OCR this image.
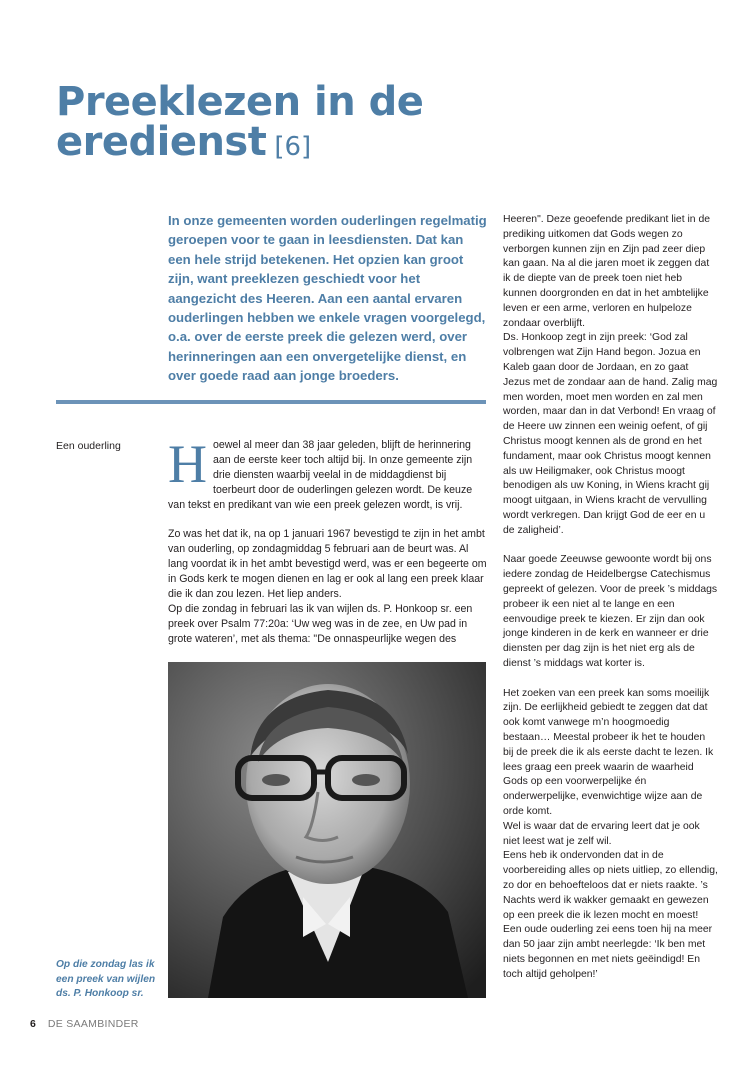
Preeklezen in de
eredienst [6]

In onze gemeenten worden ouderlingen regelmatig geroepen voor te gaan in leesdiensten. Dat kan een hele strijd betekenen. Het opzien kan groot zijn, want preeklezen geschiedt voor het aangezicht des Heeren. Aan een aantal ervaren ouderlingen hebben we enkele vragen voorgelegd, o.a. over de eerste preek die gelezen werd, over herinneringen aan een onvergetelijke dienst, en over goede raad aan jonge broeders.

Een ouderling Hoewel al meer dan 38 jaar geleden, blijft de herinnering aan de eerste keer toch altijd bij. In onze gemeente zijn drie diensten waarbij veelal in de middagdienst bij toerbeurt door de ouderlingen gelezen wordt. De keuze van tekst en predikant van wie een preek gelezen wordt, is vrij.

Zo was het dat ik, na op 1 januari 1967 bevestigd te zijn in het ambt van ouderling, op zondagmiddag 5 februari aan de beurt was. Al lang voordat ik in het ambt bevestigd werd, was er een begeerte om in Gods kerk te mogen dienen en lag er ook al lang een preek klaar die ik dan zou lezen. Het liep anders.

Op die zondag in februari las ik van wijlen ds. P. Honkoop sr. een preek over Psalm 77:20a: ‘Uw weg was in de zee, en Uw pad in grote wateren’, met als thema: "De onnaspeurlijke wegen des

Op die zondag las ik een preek van wijlen ds. P. Honkoop sr.

Heeren". Deze geoefende predikant liet in de prediking uitkomen dat Gods wegen zo verborgen kunnen zijn en Zijn pad zeer diep kan gaan. Na al die jaren moet ik zeggen dat ik de diepte van de preek toen niet heb kunnen doorgronden en dat in het ambtelijke leven er een arme, verloren en hulpeloze zondaar overblijft.

Ds. Honkoop zegt in zijn preek: ‘God zal volbrengen wat Zijn Hand begon. Jozua en Kaleb gaan door de Jordaan, en zo gaat Jezus met de zondaar aan de hand. Zalig mag men worden, moet men worden en zal men worden, maar dan in dat Verbond! En vraag of de Heere uw zinnen een weinig oefent, of gij Christus moogt kennen als de grond en het fundament, maar ook Christus moogt kennen als uw Heiligmaker, ook Christus moogt benodigen als uw Koning, in Wiens kracht gij moogt uitgaan, in Wiens kracht de vervulling wordt verkregen. Dan krijgt God de eer en u de zaligheid’.

Naar goede Zeeuwse gewoonte wordt bij ons iedere zondag de Heidelbergse Catechismus gepreekt of gelezen. Voor de preek ’s middags probeer ik een niet al te lange en een eenvoudige preek te kiezen. Er zijn dan ook jonge kinderen in de kerk en wanneer er drie diensten per dag zijn is het niet erg als de dienst ’s middags wat korter is.

Het zoeken van een preek kan soms moeilijk zijn. De eerlijkheid gebiedt te zeggen dat dat ook komt vanwege m’n hoogmoedig bestaan… Meestal probeer ik het te houden bij de preek die ik als eerste dacht te lezen. Ik lees graag een preek waarin de waarheid Gods op een voorwerpelijke én onderwerpelijke, evenwichtige wijze aan de orde komt.

Wel is waar dat de ervaring leert dat je ook niet leest wat je zelf wil.

Eens heb ik ondervonden dat in de voorbereiding alles op niets uitliep, zo ellendig, zo dor en behoefteloos dat er niets raakte. ’s Nachts werd ik wakker gemaakt en gewezen op een preek die ik lezen mocht en moest! Een oude ouderling zei eens toen hij na meer dan 50 jaar zijn ambt neerlegde: ‘Ik ben met niets begonnen en met niets geëindigd! En toch altijd geholpen!’

6 DE SAAMBINDER
